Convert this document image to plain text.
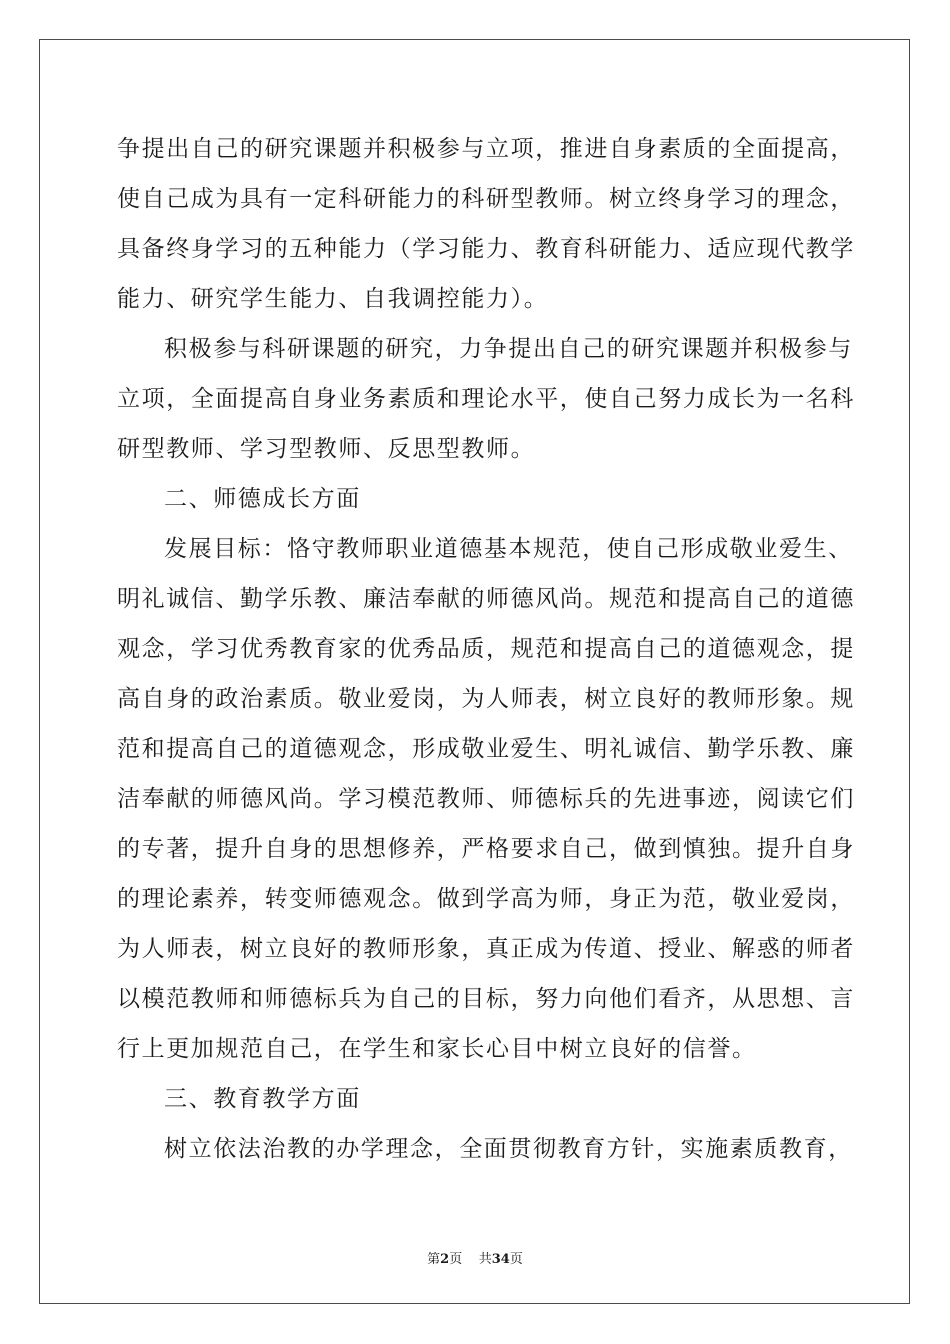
争提出自己的研究课题并积极参与立项，推进自身素质的全面提高，
使自己成为具有一定科研能力的科研型教师。树立终身学习的理念，
具备终身学习的五种能力（学习能力、教育科研能力、适应现代教学
能力、研究学生能力、自我调控能力）。
积极参与科研课题的研究，力争提出自己的研究课题并积极参与
立项，全面提高自身业务素质和理论水平，使自己努力成长为一名科
研型教师、学习型教师、反思型教师。
二、师德成长方面
发展目标：恪守教师职业道德基本规范，使自己形成敬业爱生、
明礼诚信、勤学乐教、廉洁奉献的师德风尚。规范和提高自己的道德
观念，学习优秀教育家的优秀品质，规范和提高自己的道德观念，提
高自身的政治素质。敬业爱岗，为人师表，树立良好的教师形象。规
范和提高自己的道德观念，形成敬业爱生、明礼诚信、勤学乐教、廉
洁奉献的师德风尚。学习模范教师、师德标兵的先进事迹，阅读它们
的专著，提升自身的思想修养，严格要求自己，做到慎独。提升自身
的理论素养，转变师德观念。做到学高为师，身正为范，敬业爱岗，
为人师表，树立良好的教师形象，真正成为传道、授业、解惑的师者
以模范教师和师德标兵为自己的目标，努力向他们看齐，从思想、言
行上更加规范自己，在学生和家长心目中树立良好的信誉。
三、教育教学方面
树立依法治教的办学理念，全面贯彻教育方针，实施素质教育，
第2页 共34页
